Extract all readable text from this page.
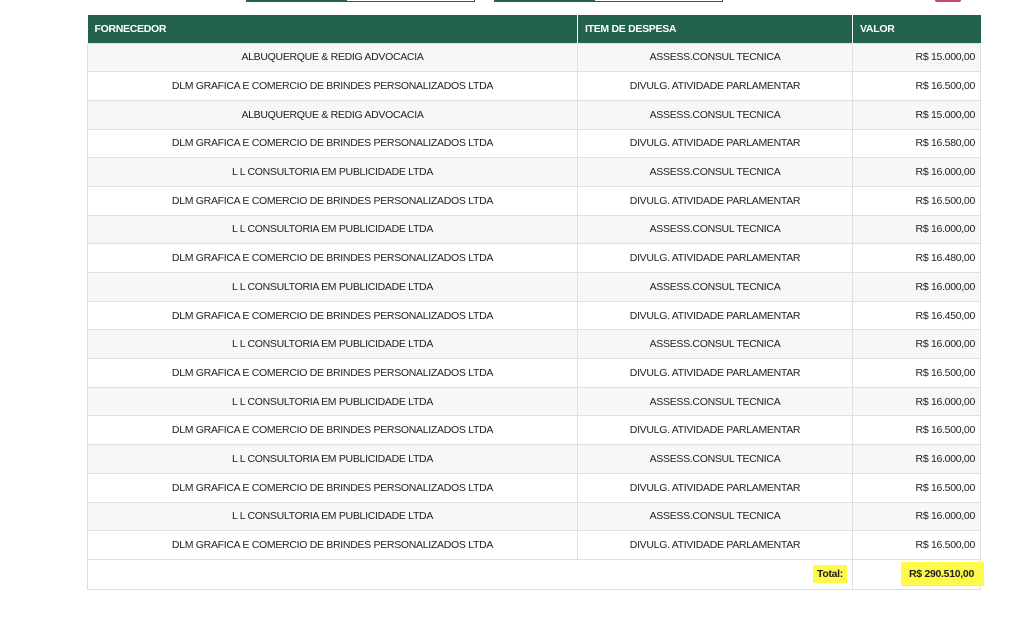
FORNECEDOR	ITEM DE DESPESA	VALOR
ALBUQUERQUE & REDIG ADVOCACIA	ASSESS.CONSUL TECNICA	R$ 15.000,00
DLM GRAFICA E COMERCIO DE BRINDES PERSONALIZADOS LTDA	DIVULG. ATIVIDADE PARLAMENTAR	R$ 16.500,00
ALBUQUERQUE & REDIG ADVOCACIA	ASSESS.CONSUL TECNICA	R$ 15.000,00
DLM GRAFICA E COMERCIO DE BRINDES PERSONALIZADOS LTDA	DIVULG. ATIVIDADE PARLAMENTAR	R$ 16.580,00
L L CONSULTORIA EM PUBLICIDADE LTDA	ASSESS.CONSUL TECNICA	R$ 16.000,00
DLM GRAFICA E COMERCIO DE BRINDES PERSONALIZADOS LTDA	DIVULG. ATIVIDADE PARLAMENTAR	R$ 16.500,00
L L CONSULTORIA EM PUBLICIDADE LTDA	ASSESS.CONSUL TECNICA	R$ 16.000,00
DLM GRAFICA E COMERCIO DE BRINDES PERSONALIZADOS LTDA	DIVULG. ATIVIDADE PARLAMENTAR	R$ 16.480,00
L L CONSULTORIA EM PUBLICIDADE LTDA	ASSESS.CONSUL TECNICA	R$ 16.000,00
DLM GRAFICA E COMERCIO DE BRINDES PERSONALIZADOS LTDA	DIVULG. ATIVIDADE PARLAMENTAR	R$ 16.450,00
L L CONSULTORIA EM PUBLICIDADE LTDA	ASSESS.CONSUL TECNICA	R$ 16.000,00
DLM GRAFICA E COMERCIO DE BRINDES PERSONALIZADOS LTDA	DIVULG. ATIVIDADE PARLAMENTAR	R$ 16.500,00
L L CONSULTORIA EM PUBLICIDADE LTDA	ASSESS.CONSUL TECNICA	R$ 16.000,00
DLM GRAFICA E COMERCIO DE BRINDES PERSONALIZADOS LTDA	DIVULG. ATIVIDADE PARLAMENTAR	R$ 16.500,00
L L CONSULTORIA EM PUBLICIDADE LTDA	ASSESS.CONSUL TECNICA	R$ 16.000,00
DLM GRAFICA E COMERCIO DE BRINDES PERSONALIZADOS LTDA	DIVULG. ATIVIDADE PARLAMENTAR	R$ 16.500,00
L L CONSULTORIA EM PUBLICIDADE LTDA	ASSESS.CONSUL TECNICA	R$ 16.000,00
DLM GRAFICA E COMERCIO DE BRINDES PERSONALIZADOS LTDA	DIVULG. ATIVIDADE PARLAMENTAR	R$ 16.500,00
Total:		R$ 290.510,00
